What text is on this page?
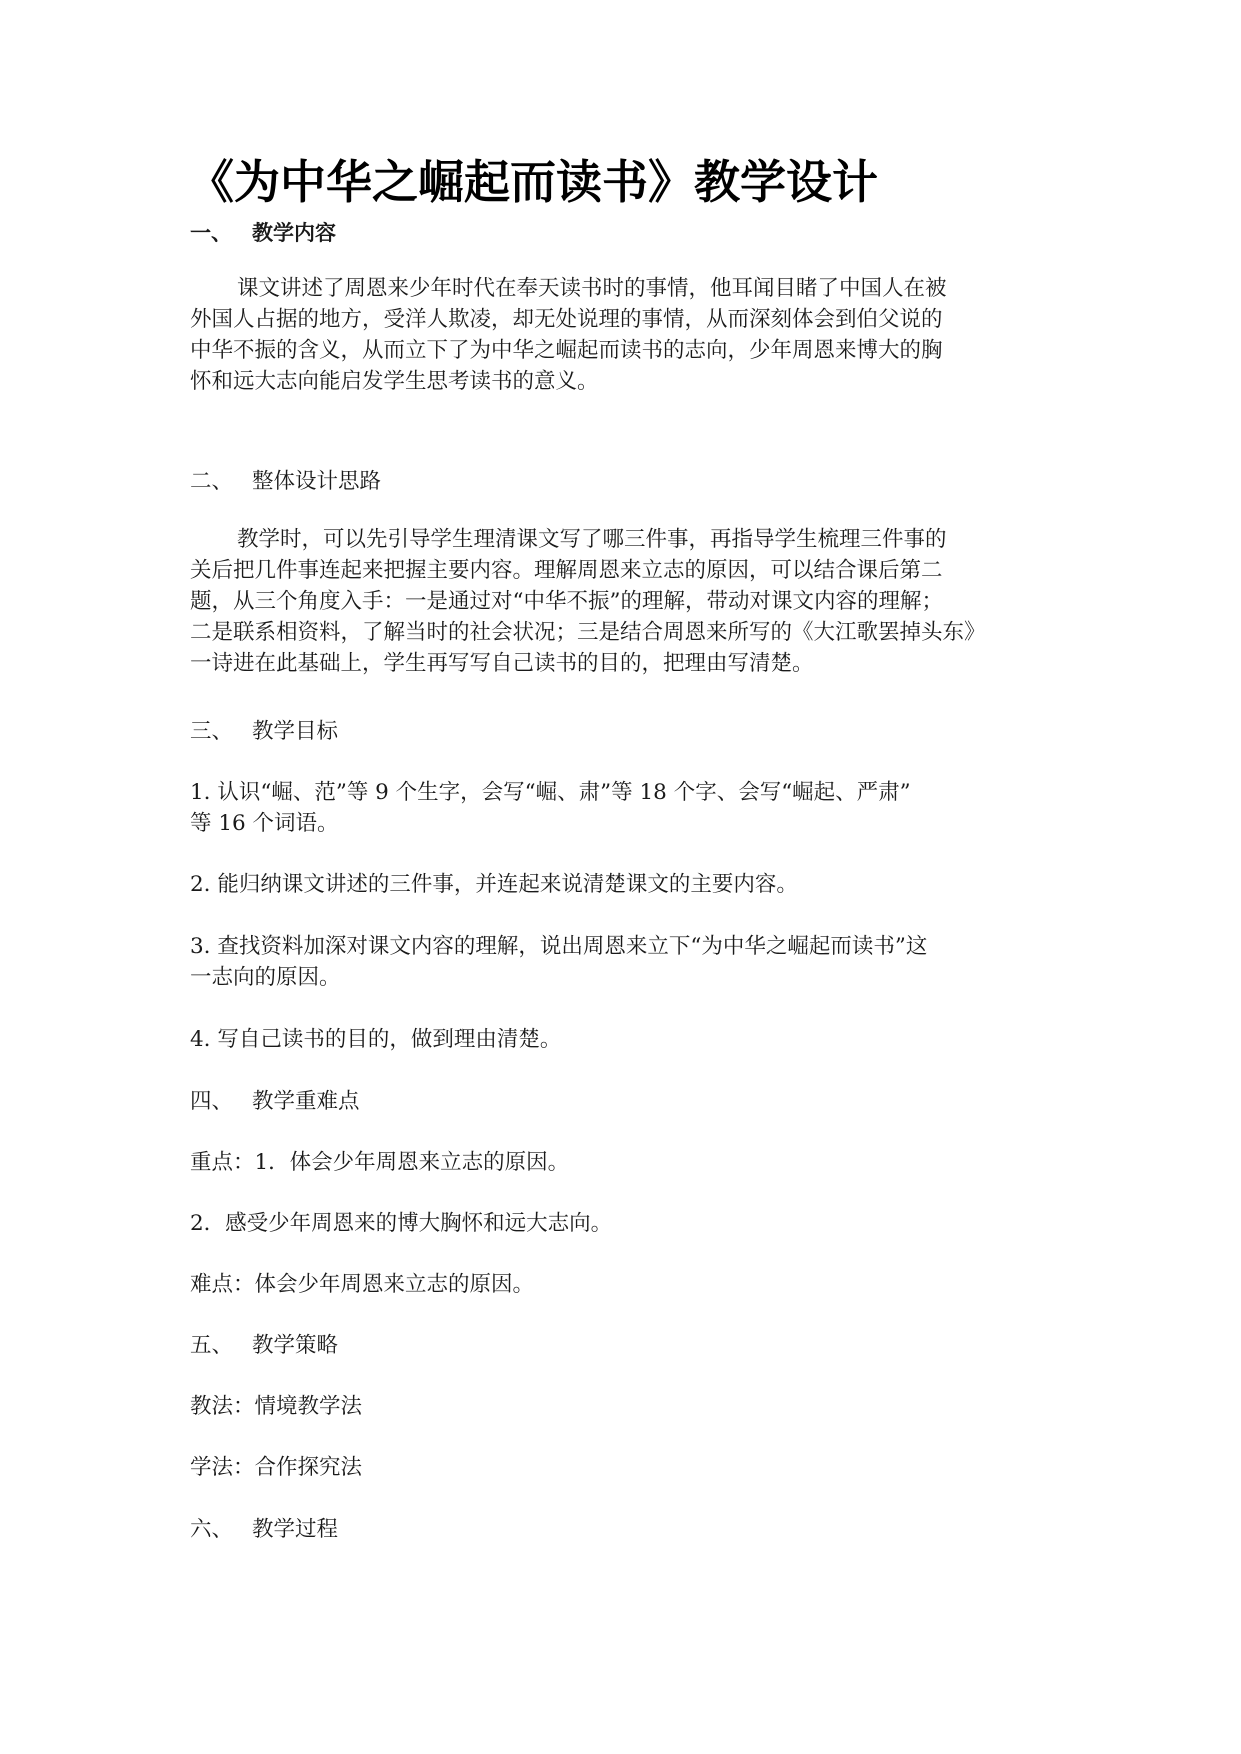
《为中华之崛起而读书》教学设计
一、 教学内容
课文讲述了周恩来少年时代在奉天读书时的事情，他耳闻目睹了中国人在被
外国人占据的地方，受洋人欺凌，却无处说理的事情，从而深刻体会到伯父说的
中华不振的含义，从而立下了为中华之崛起而读书的志向，少年周恩来博大的胸
怀和远大志向能启发学生思考读书的意义。
二、 整体设计思路
教学时，可以先引导学生理清课文写了哪三件事，再指导学生梳理三件事的
关后把几件事连起来把握主要内容。理解周恩来立志的原因，可以结合课后第二
题，从三个角度入手：一是通过对“中华不振”的理解，带动对课文内容的理解；
二是联系相资料，了解当时的社会状况；三是结合周恩来所写的《大江歌罢掉头东》
一诗进在此基础上，学生再写写自己读书的目的，把理由写清楚。
三、 教学目标
1. 认识“崛、范”等 9 个生字，会写“崛、肃”等 18 个字、会写“崛起、严肃”
等 16 个词语。
2. 能归纳课文讲述的三件事，并连起来说清楚课文的主要内容。
3. 查找资料加深对课文内容的理解，说出周恩来立下“为中华之崛起而读书”这
一志向的原因。
4. 写自己读书的目的，做到理由清楚。
四、 教学重难点
重点：1．体会少年周恩来立志的原因。
2．感受少年周恩来的博大胸怀和远大志向。
难点：体会少年周恩来立志的原因。
五、 教学策略
教法：情境教学法
学法：合作探究法
六、 教学过程
